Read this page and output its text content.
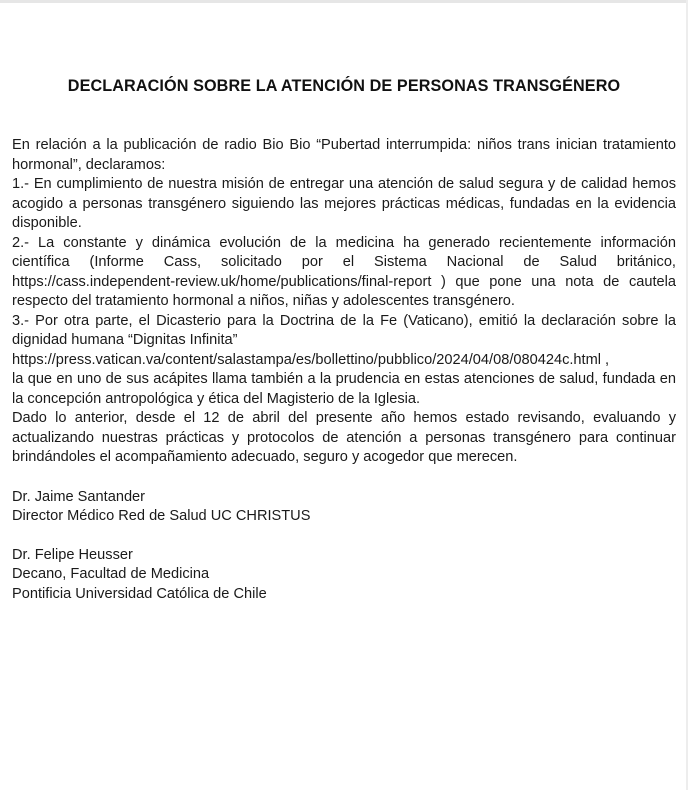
DECLARACIÓN SOBRE LA ATENCIÓN DE PERSONAS TRANSGÉNERO

En relación a la publicación de radio Bio Bio “Pubertad interrumpida: niños trans inician tratamiento hormonal”, declaramos:

1.- En cumplimiento de nuestra misión de entregar una atención de salud segura y de calidad hemos acogido a personas transgénero siguiendo las mejores prácticas médicas, fundadas en la evidencia disponible.

2.- La constante y dinámica evolución de la medicina ha generado recientemente información científica (Informe Cass, solicitado por el Sistema Nacional de Salud británico, https://cass.independent-review.uk/home/publications/final-report ) que pone una nota de cautela respecto del tratamiento hormonal a niños, niñas y adolescentes transgénero.

3.- Por otra parte, el Dicasterio para la Doctrina de la Fe (Vaticano), emitió la declaración sobre la dignidad humana “Dignitas Infinita”

https://press.vatican.va/content/salastampa/es/bollettino/pubblico/2024/04/08/080424c.html ,

la que en uno de sus acápites llama también a la prudencia en estas atenciones de salud, fundada en la concepción antropológica y ética del Magisterio de la Iglesia.

Dado lo anterior, desde el 12 de abril del presente año hemos estado revisando, evaluando y actualizando nuestras prácticas y protocolos de atención a personas transgénero para continuar brindándoles el acompañamiento adecuado, seguro y acogedor que merecen.

Dr. Jaime Santander

Director Médico Red de Salud UC CHRISTUS

Dr. Felipe Heusser

Decano, Facultad de Medicina

Pontificia Universidad Católica de Chile
